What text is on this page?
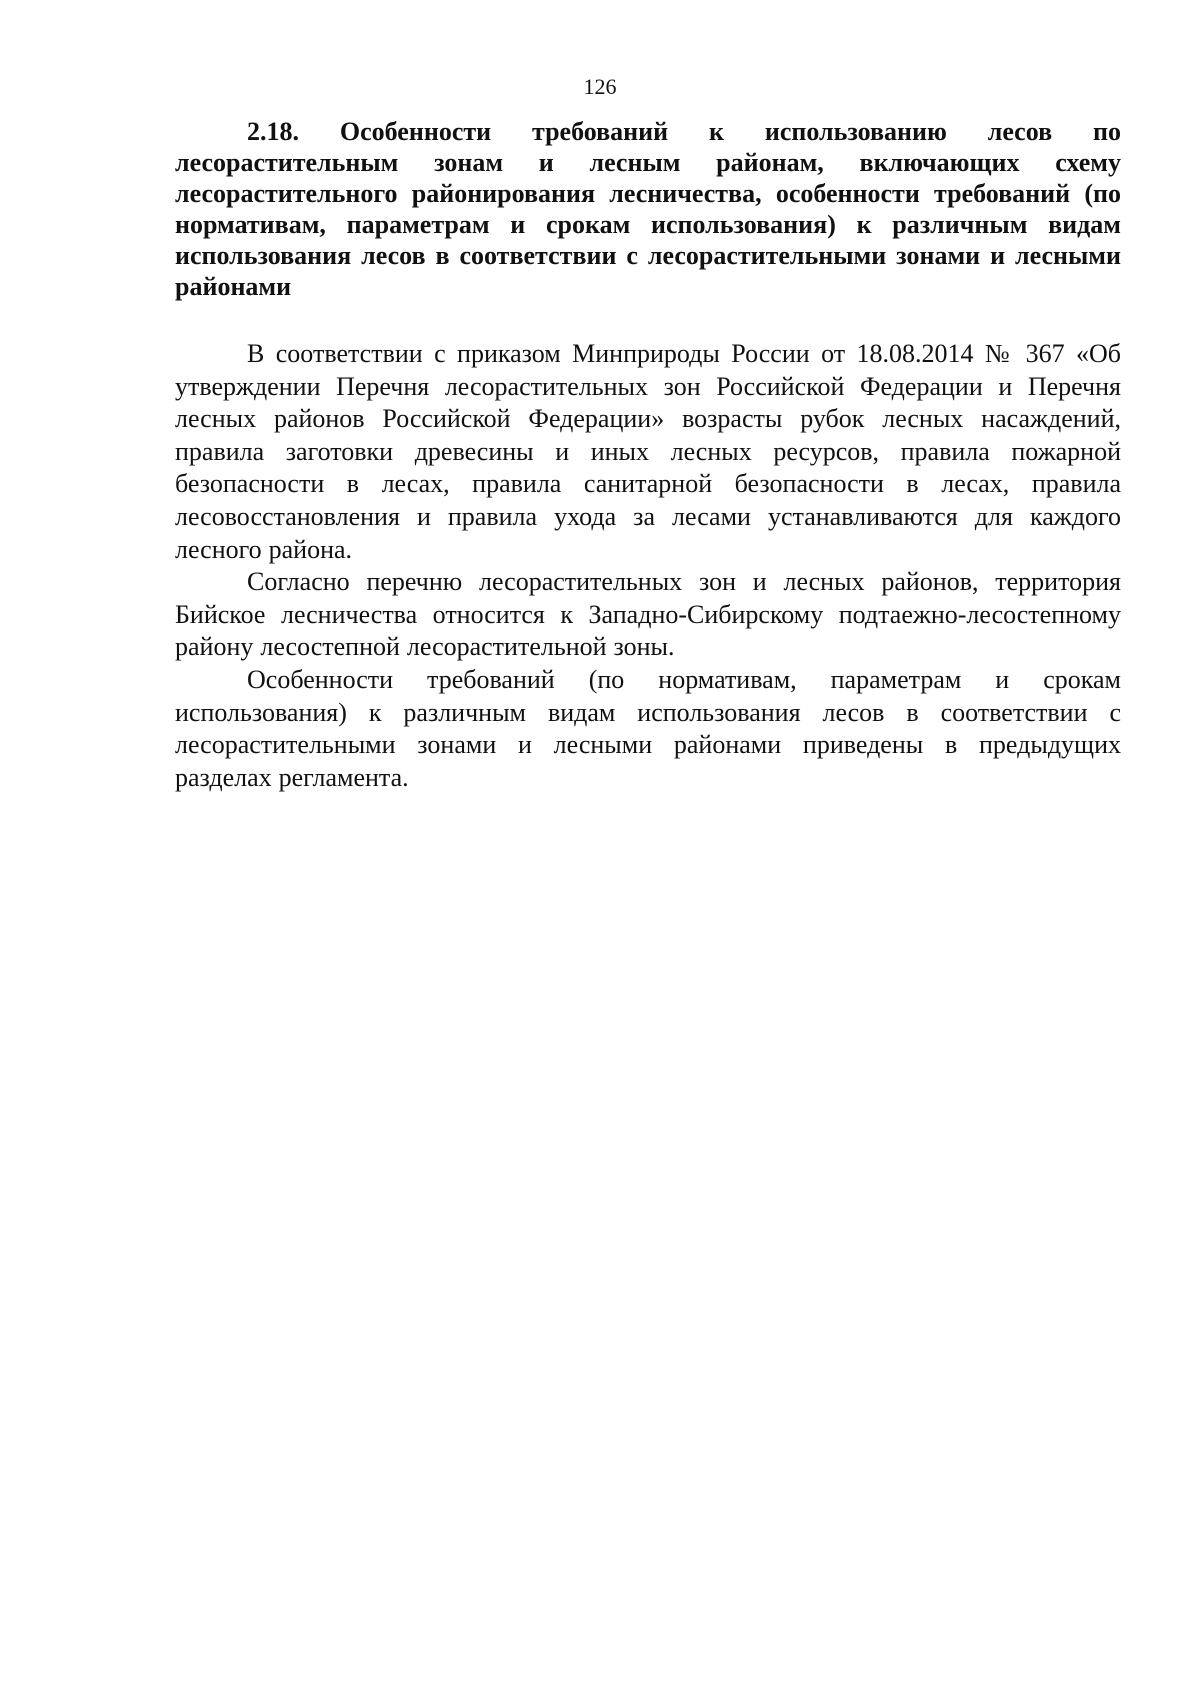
126
2.18. Особенности требований к использованию лесов по лесорастительным зонам и лесным районам, включающих схему лесорастительного районирования лесничества, особенности требований (по нормативам, параметрам и срокам использования) к различным видам использования лесов в соответствии с лесорастительными зонами и лесными районами

В соответствии с приказом Минприроды России от 18.08.2014 № 367 «Об утверждении Перечня лесорастительных зон Российской Федерации и Перечня лесных районов Российской Федерации» возрасты рубок лесных насаждений, правила заготовки древесины и иных лесных ресурсов, правила пожарной безопасности в лесах, правила санитарной безопасности в лесах, правила лесовосстановления и правила ухода за лесами устанавливаются для каждого лесного района.

Согласно перечню лесорастительных зон и лесных районов, территория Бийское лесничества относится к Западно-Сибирскому подтаежно-лесостепному району лесостепной лесорастительной зоны.

Особенности требований (по нормативам, параметрам и срокам использования) к различным видам использования лесов в соответствии с лесорастительными зонами и лесными районами приведены в предыдущих разделах регламента.
